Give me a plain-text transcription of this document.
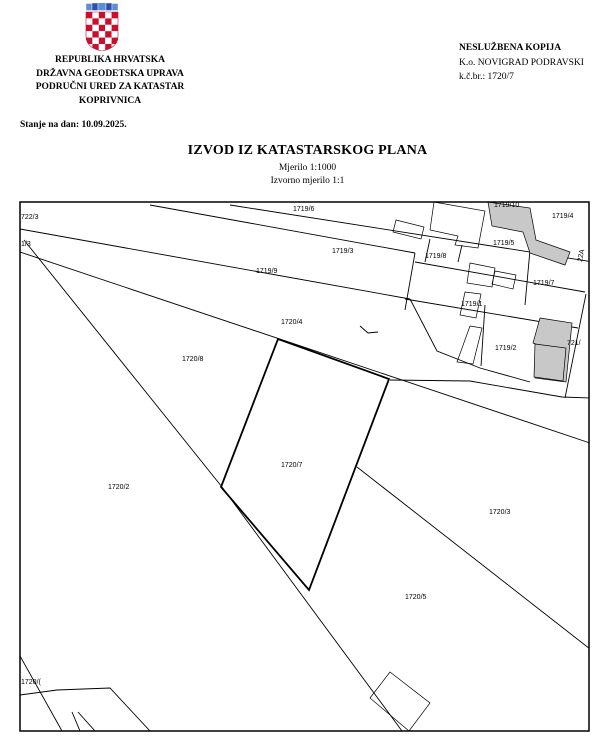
REPUBLIKA HRVATSKA
DRŽAVNA GEODETSKA UPRAVA
PODRUČNI URED ZA KATASTAR
KOPRIVNICA
Stanje na dan: 10.09.2025.
NESLUŽBENA KOPIJA
K.o. NOVIGRAD PODRAVSKI
k.č.br.: 1720/7
IZVOD IZ KATASTARSKOG PLANA
Mjerilo 1:1000
Izvorno mjerilo 1:1
722/3
1719/6
1719/10
1719/4
1/3
1719/3
1719/5
1719/8
1719/9
1719/7
1719/1
1720/4
721/
1719/2
1720/8
1720/7
1720/2
1720/3
1720/5
1720/(
22A
